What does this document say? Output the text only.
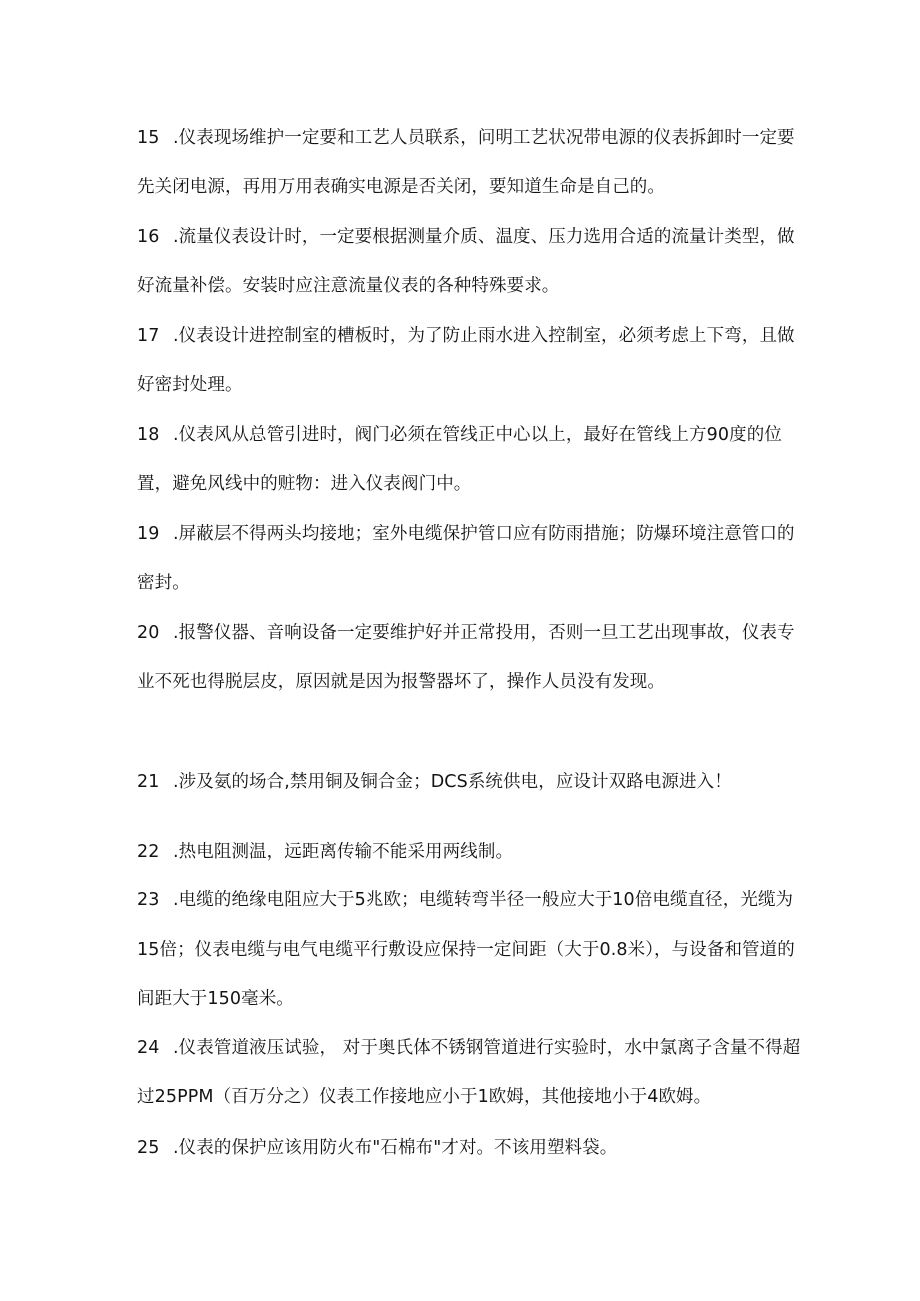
15 .仪表现场维护一定要和工艺人员联系，问明工艺状况带电源的仪表拆卸时一定要
先关闭电源，再用万用表确实电源是否关闭，要知道生命是自己的。
16 .流量仪表设计时，一定要根据测量介质、温度、压力选用合适的流量计类型，做
好流量补偿。安装时应注意流量仪表的各种特殊要求。
17 .仪表设计进控制室的槽板时，为了防止雨水进入控制室，必须考虑上下弯，且做
好密封处理。
18 .仪表风从总管引进时，阀门必须在管线正中心以上，最好在管线上方90度的位
置，避免风线中的赃物：进入仪表阀门中。
19 .屏蔽层不得两头均接地；室外电缆保护管口应有防雨措施；防爆环境注意管口的
密封。
20 .报警仪器、音响设备一定要维护好并正常投用，否则一旦工艺出现事故，仪表专
业不死也得脱层皮，原因就是因为报警器坏了，操作人员没有发现。
21 .涉及氨的场合,禁用铜及铜合金；DCS系统供电，应设计双路电源进入！
22 .热电阻测温，远距离传输不能采用两线制。
23 .电缆的绝缘电阻应大于5兆欧；电缆转弯半径一般应大于10倍电缆直径，光缆为
15倍；仪表电缆与电气电缆平行敷设应保持一定间距（大于0.8米），与设备和管道的
间距大于150毫米。
24 .仪表管道液压试验， 对于奥氏体不锈钢管道进行实验时，水中氯离子含量不得超
过25PPM（百万分之）仪表工作接地应小于1欧姆，其他接地小于4欧姆。
25 .仪表的保护应该用防火布"石棉布"才对。不该用塑料袋。
